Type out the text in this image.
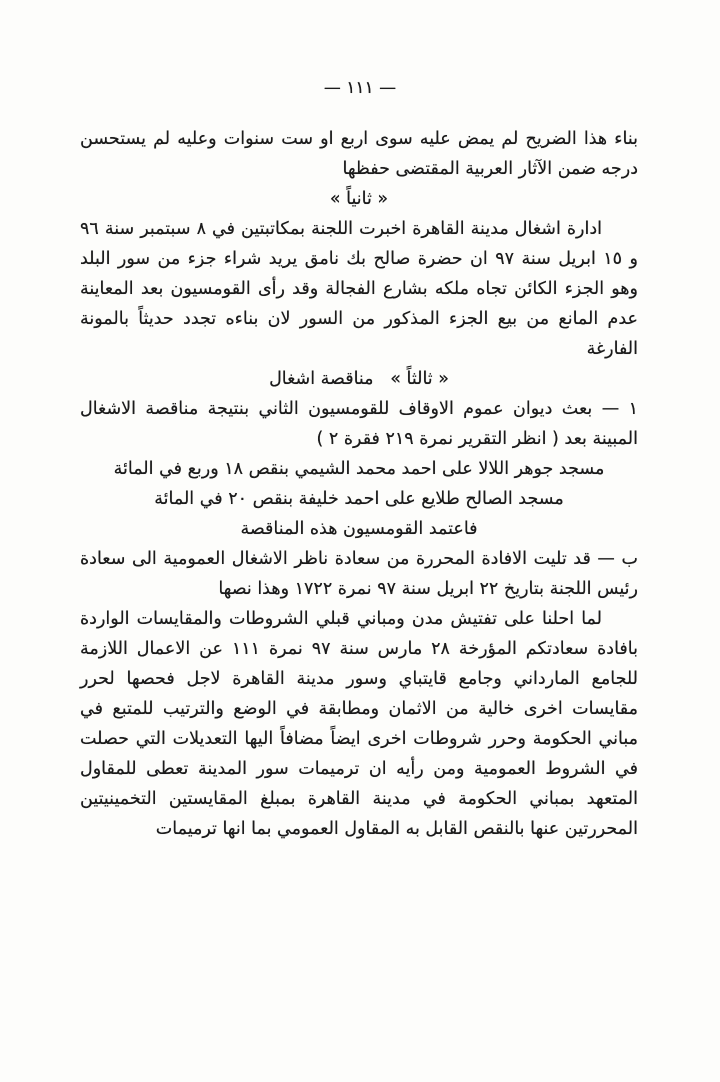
— ١١١ —

بناء هذا الضريح لم يمض عليه سوى اربع او ست سنوات وعليه لم يستحسن درجه ضمن الآثار العربية المقتضى حفظها

« ثانياً »

ادارة اشغال مدينة القاهرة اخبرت اللجنة بمكاتبتين في ٨ سبتمبر سنة ٩٦ و ١٥ ابريل سنة ٩٧ ان حضرة صالح بك نامق يريد شراء جزء من سور البلد وهو الجزء الكائن تجاه ملكه بشارع الفجالة وقد رأى القومسيون بعد المعاينة عدم المانع من بيع الجزء المذكور من السور لان بناءه تجدد حديثاً بالمونة الفارغة

« ثالثاً »   مناقصة اشغال

١ — بعث ديوان عموم الاوقاف للقومسيون الثاني بنتيجة مناقصة الاشغال المبينة بعد ( انظر التقرير نمرة ٢١٩ فقرة ٢ )

مسجد جوهر اللالا على احمد محمد الشيمي بنقص ١٨ وربع في المائة

مسجد الصالح طلايع على احمد خليفة بنقص ٢٠ في المائة

فاعتمد القومسيون هذه المناقصة

ب — قد تليت الافادة المحررة من سعادة ناظر الاشغال العمومية الى سعادة رئيس اللجنة بتاريخ ٢٢ ابريل سنة ٩٧ نمرة ١٧٢٢ وهذا نصها

لما احلنا على تفتيش مدن ومباني قبلي الشروطات والمقايسات الواردة بافادة سعادتكم المؤرخة ٢٨ مارس سنة ٩٧ نمرة ١١١ عن الاعمال اللازمة للجامع المارداني وجامع قايتباي وسور مدينة القاهرة لاجل فحصها لحرر مقايسات اخرى خالية من الاثمان ومطابقة في الوضع والترتيب للمتبع في مباني الحكومة وحرر شروطات اخرى ايضاً مضافاً اليها التعديلات التي حصلت في الشروط العمومية ومن رأيه ان ترميمات سور المدينة تعطى للمقاول المتعهد بمباني الحكومة في مدينة القاهرة بمبلغ المقايستين التخمينيتين المحررتين عنها بالنقص القابل به المقاول العمومي بما انها ترميمات
